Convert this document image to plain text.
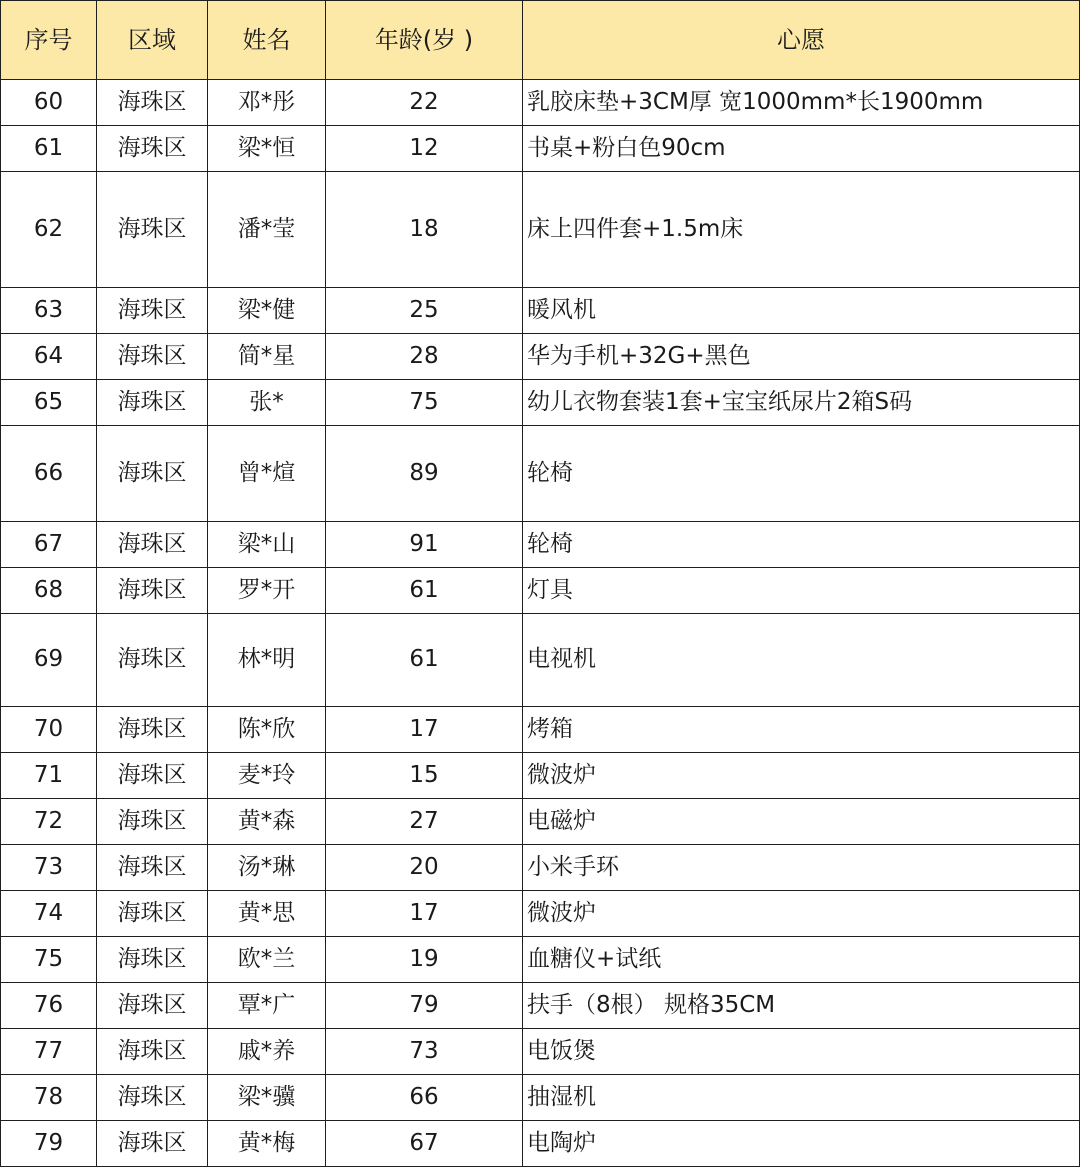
序号	区域	姓名	年龄(岁 )	心愿
60	海珠区	邓*彤	22	乳胶床垫+3CM厚 宽1000mm*长1900mm
61	海珠区	梁*恒	12	书桌+粉白色90cm
62	海珠区	潘*莹	18	床上四件套+1.5m床
63	海珠区	梁*健	25	暖风机
64	海珠区	简*星	28	华为手机+32G+黑色
65	海珠区	张*	75	幼儿衣物套装1套+宝宝纸尿片2箱S码
66	海珠区	曾*煊	89	轮椅
67	海珠区	梁*山	91	轮椅
68	海珠区	罗*开	61	灯具
69	海珠区	林*明	61	电视机
70	海珠区	陈*欣	17	烤箱
71	海珠区	麦*玲	15	微波炉
72	海珠区	黄*森	27	电磁炉
73	海珠区	汤*琳	20	小米手环
74	海珠区	黄*思	17	微波炉
75	海珠区	欧*兰	19	血糖仪+试纸
76	海珠区	覃*广	79	扶手（8根） 规格35CM
77	海珠区	戚*养	73	电饭煲
78	海珠区	梁*骥	66	抽湿机
79	海珠区	黄*梅	67	电陶炉
